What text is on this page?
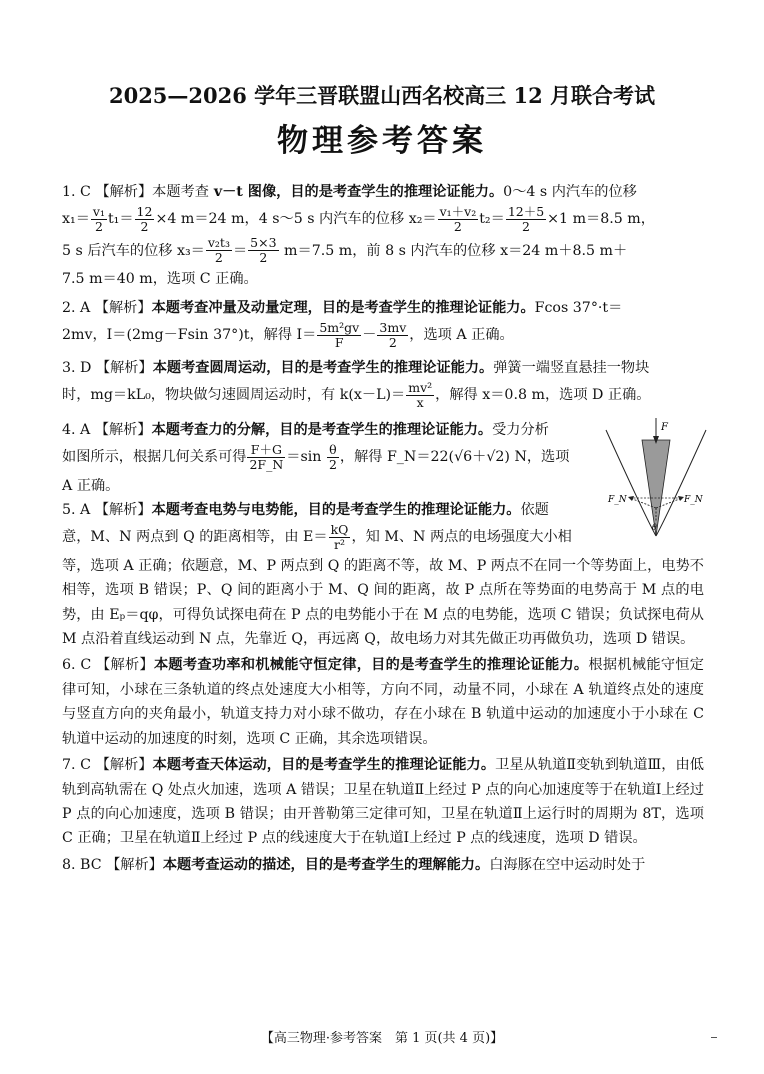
2025—2026 学年三晋联盟山西名校高三 12 月联合考试
物理参考答案
1. C 【解析】本题考查 v－t 图像，目的是考查学生的推理论证能力。0～4 s 内汽车的位移
$x_1= \frac{\text{v₁}}{2} t_1= \frac{12}{2} \times 4$ m＝24 m，4 s～5 s 内汽车的位移 $x_2= \frac{\text{v₁＋v₂}}{2} t_2= \frac{12+5}{2} \times 1$ m＝8.5 m，
5 s 后汽车的位移 $x_3= \frac{\text{v₂t₃}}{2} = \frac{5\times 3}{2} m=7.5$ m，前 8 s 内汽车的位移 x＝24 m＋8.5 m＋
7.5 m＝40 m，选项 C 正确。
2. A 【解析】本题考查冲量及动量定理，目的是考查学生的推理论证能力。Fcos 37°·t＝
2mv，I＝(2mg－Fsin 37°)t，解得 $I= \frac{\text{5m²gv}}{F} - \frac{3mv}{2}$ ，选项 A 正确。
3. D 【解析】本题考查圆周运动，目的是考查学生的推理论证能力。弹簧一端竖直悬挂一物块
时，mg＝kL₀，物块做匀速圆周运动时，有 $k(x-L)= \frac{\text{mv²}}{x}$ ，解得 x＝0.8 m，选项 D 正确。
F
F_N	F_N
θ
4. A 【解析】本题考查力的分解，目的是考查学生的推理论证能力。受力分析
如图所示，根据几何关系可得 $\frac{F+G}{2F\_N} =\sin \frac{\theta}{2}$ ，解得 F_N＝22(√6＋√2) N，选项
A 正确。
5. A 【解析】本题考查电势与电势能，目的是考查学生的推理论证能力。依题
意，M、N 两点到 Q 的距离相等，由 $E= \frac{kQ}{\text{r²}}$ ，知 M、N 两点的电场强度大小相
等，选项 A 正确；依题意，M、P 两点到 Q 的距离不等，故 M、P 两点不在同一个等势面上，电势不相等，选项 B 错误；P、Q 间的距离小于 M、Q 间的距离，故 P 点所在等势面的电势高于 M 点的电势，由 Eₚ＝qφ，可得负试探电荷在 P 点的电势能小于在 M 点的电势能，选项 C 错误；负试探电荷从 M 点沿着直线运动到 N 点，先靠近 Q，再远离 Q，故电场力对其先做正功再做负功，选项 D 错误。
6. C 【解析】本题考查功率和机械能守恒定律，目的是考查学生的推理论证能力。根据机械能守恒定律可知，小球在三条轨道的终点处速度大小相等，方向不同，动量不同，小球在 A 轨道终点处的速度与竖直方向的夹角最小，轨道支持力对小球不做功，存在小球在 B 轨道中运动的加速度小于小球在 C 轨道中运动的加速度的时刻，选项 C 正确，其余选项错误。
7. C 【解析】本题考查天体运动，目的是考查学生的推理论证能力。卫星从轨道Ⅱ变轨到轨道Ⅲ，由低轨到高轨需在 Q 处点火加速，选项 A 错误；卫星在轨道Ⅱ上经过 P 点的向心加速度等于在轨道Ⅰ上经过 P 点的向心加速度，选项 B 错误；由开普勒第三定律可知，卫星在轨道Ⅱ上运行时的周期为 8T，选项 C 正确；卫星在轨道Ⅱ上经过 P 点的线速度大于在轨道Ⅰ上经过 P 点的线速度，选项 D 错误。
8. BC 【解析】本题考查运动的描述，目的是考查学生的理解能力。白海豚在空中运动时处于
【高三物理·参考答案　第 1 页(共 4 页)】
